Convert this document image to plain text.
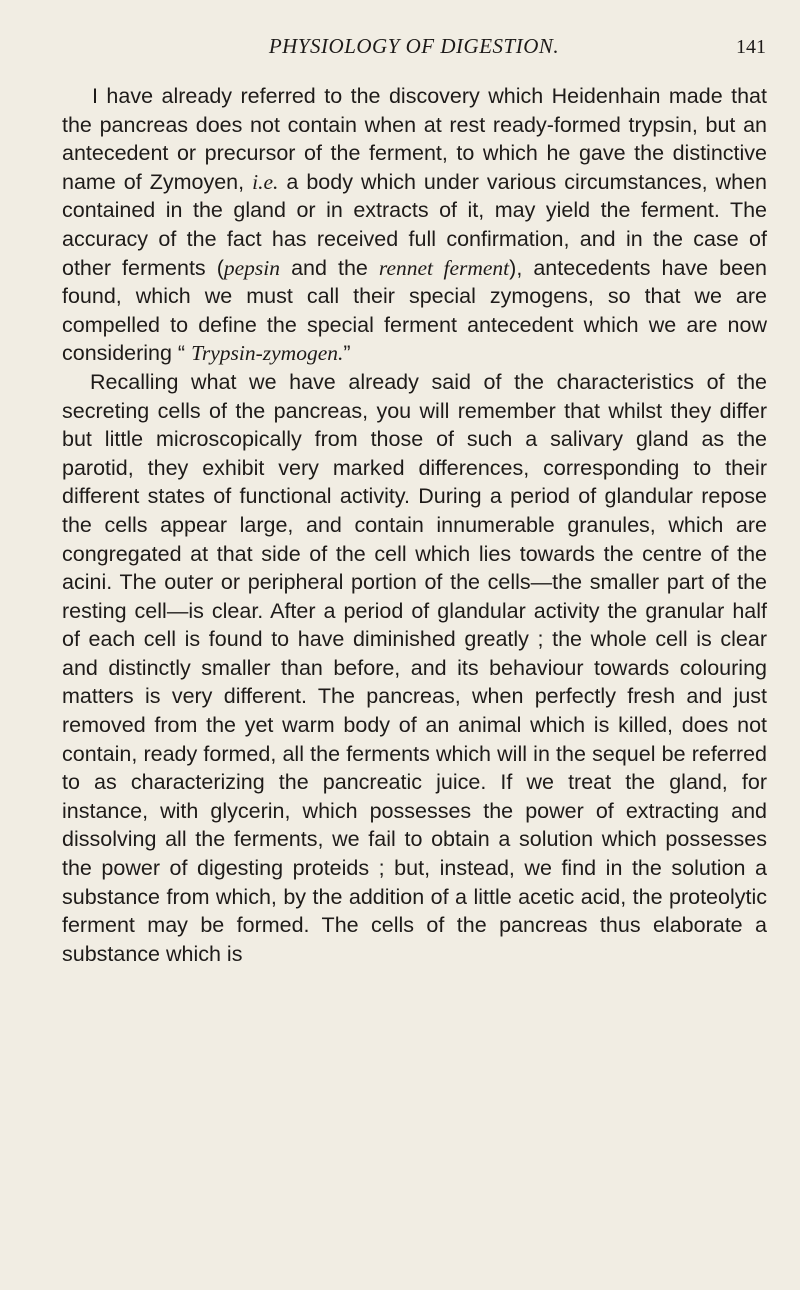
PHYSIOLOGY OF DIGESTION.	141

I have already referred to the discovery which Heidenhain made that the pancreas does not contain when at rest ready-formed trypsin, but an antecedent or precursor of the ferment, to which he gave the distinctive name of Zymoyen, i.e. a body which under various circumstances, when contained in the gland or in extracts of it, may yield the ferment. The accuracy of the fact has received full confirmation, and in the case of other ferments (pepsin and the rennet ferment), antecedents have been found, which we must call their special zymogens, so that we are compelled to define the special ferment antecedent which we are now considering “ Trypsin-zymogen.”

Recalling what we have already said of the characteristics of the secreting cells of the pancreas, you will remember that whilst they differ but little microscopically from those of such a salivary gland as the parotid, they exhibit very marked differences, corresponding to their different states of functional activity. During a period of glandular repose the cells appear large, and contain innumerable granules, which are congregated at that side of the cell which lies towards the centre of the acini. The outer or peripheral portion of the cells—the smaller part of the resting cell—is clear. After a period of glandular activity the granular half of each cell is found to have diminished greatly ; the whole cell is clear and distinctly smaller than before, and its behaviour towards colouring matters is very different. The pancreas, when perfectly fresh and just removed from the yet warm body of an animal which is killed, does not contain, ready formed, all the ferments which will in the sequel be referred to as characterizing the pancreatic juice. If we treat the gland, for instance, with glycerin, which possesses the power of extracting and dissolving all the ferments, we fail to obtain a solution which possesses the power of digesting proteids ; but, instead, we find in the solution a substance from which, by the addition of a little acetic acid, the proteolytic ferment may be formed. The cells of the pancreas thus elaborate a substance which is
